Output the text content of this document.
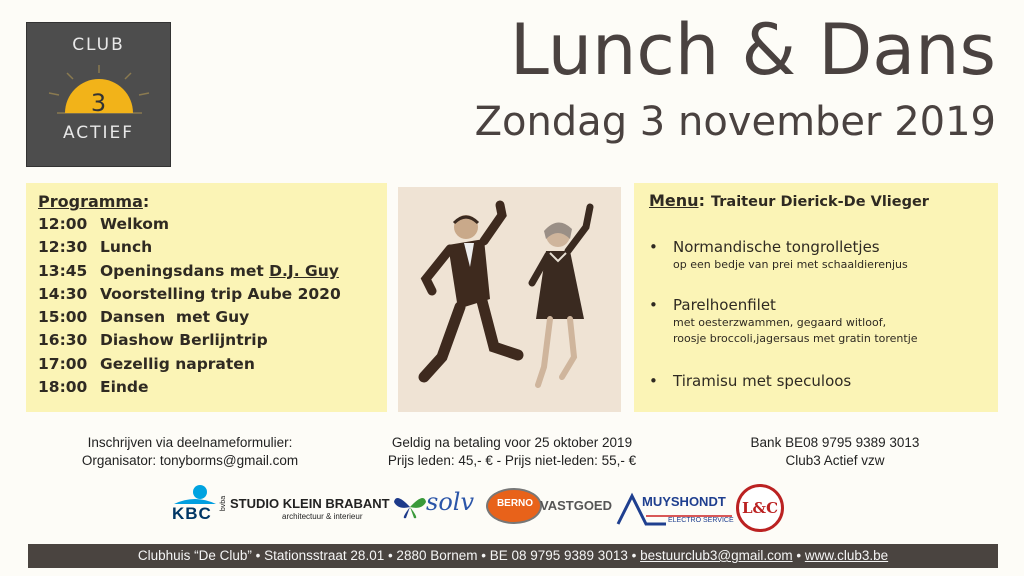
CLUB
3
ACTIEF
Lunch & Dans
Zondag 3 november 2019
Programma:
12:00 Welkom
12:30 Lunch
13:45 Openingsdans met D.J. Guy
14:30 Voorstelling trip Aube 2020
15:00 Dansen  met Guy
16:30 Diashow Berlijntrip
17:00 Gezellig napraten
18:00 Einde
Menu: Traiteur Dierick-De Vlieger
• Normandische tongrolletjes
op een bedje van prei met schaaldierenjus
• Parelhoenfilet
met oesterzwammen, gegaard witloof,
roosje broccoli,jagersaus met gratin torentje
• Tiramisu met speculoos
Inschrijven via deelnameformulier:
Organisator: tonyborms@gmail.com
Geldig na betaling voor 25 oktober 2019
Prijs leden: 45,- € - Prijs niet-leden: 55,- €
Bank BE08 9795 9389 3013
Club3 Actief vzw
KBC
bvba STUDIO KLEIN BRABANT
architectuur & interieur
solv	BERNO VASTGOED MUYSHONDT
ELECTRO SERVICE
L&C
Clubhuis “De Club” • Stationsstraat 28.01 • 2880 Bornem • BE 08 9795 9389 3013 • bestuurclub3@gmail.com • www.club3.be
